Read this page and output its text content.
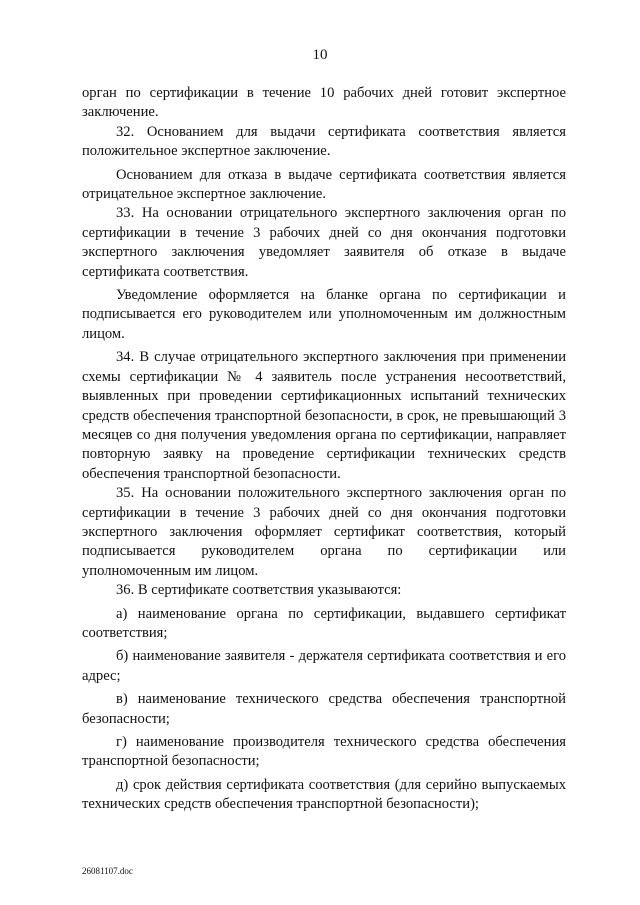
10

орган по сертификации в течение 10 рабочих дней готовит экспертное заключение.

32. Основанием для выдачи сертификата соответствия является положительное экспертное заключение.

Основанием для отказа в выдаче сертификата соответствия является отрицательное экспертное заключение.

33. На основании отрицательного экспертного заключения орган по сертификации в течение 3 рабочих дней со дня окончания подготовки экспертного заключения уведомляет заявителя об отказе в выдаче сертификата соответствия.

Уведомление оформляется на бланке органа по сертификации и подписывается его руководителем или уполномоченным им должностным лицом.

34. В случае отрицательного экспертного заключения при применении схемы сертификации № 4 заявитель после устранения несоответствий, выявленных при проведении сертификационных испытаний технических средств обеспечения транспортной безопасности, в срок, не превышающий 3 месяцев со дня получения уведомления органа по сертификации, направляет повторную заявку на проведение сертификации технических средств обеспечения транспортной безопасности.

35. На основании положительного экспертного заключения орган по сертификации в течение 3 рабочих дней со дня окончания подготовки экспертного заключения оформляет сертификат соответствия, который подписывается руководителем органа по сертификации или уполномоченным им лицом.

36. В сертификате соответствия указываются:

а) наименование органа по сертификации, выдавшего сертификат соответствия;

б) наименование заявителя - держателя сертификата соответствия и его адрес;

в) наименование технического средства обеспечения транспортной безопасности;

г) наименование производителя технического средства обеспечения транспортной безопасности;

д) срок действия сертификата соответствия (для серийно выпускаемых технических средств обеспечения транспортной безопасности);

26081107.doc
